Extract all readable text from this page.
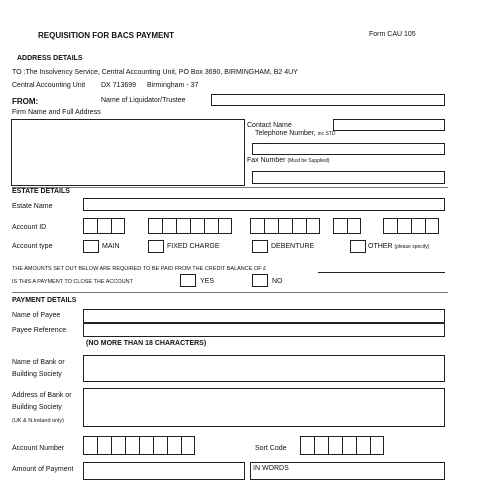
REQUISITION FOR BACS PAYMENT	Form CAU 105
ADDRESS DETAILS
TO :The Insolvency Service, Central Accounting Unit, PO Box 3690, BIRMINGHAM, B2 4UY
Central Accounting Unit DX 713699 Birmingham - 37
FROM:	Name of Liquidator/Trustee
Firm Name and Full Address
Contact Name
Telephone Number, inc STD
Fax Number (Must be Supplied)
ESTATE DETAILS
Estate Name
Account ID
Account type	MAIN	FIXED CHARGE	DEBENTURE	OTHER (please specify)
THE AMOUNTS SET OUT BELOW ARE REQUIRED TO BE PAID FROM THE CREDIT BALANCE OF £
IS THIS A PAYMENT TO CLOSE THE ACCOUNT	YES	NO
PAYMENT DETAILS
Name of Payee
Payee Reference
(NO MORE THAN 18 CHARACTERS)
Name of Bank or
Building Society
Address of Bank or
Building Society
(UK & N.Ireland only)
Account Number	Sort Code
Amount of Payment	IN WORDS
